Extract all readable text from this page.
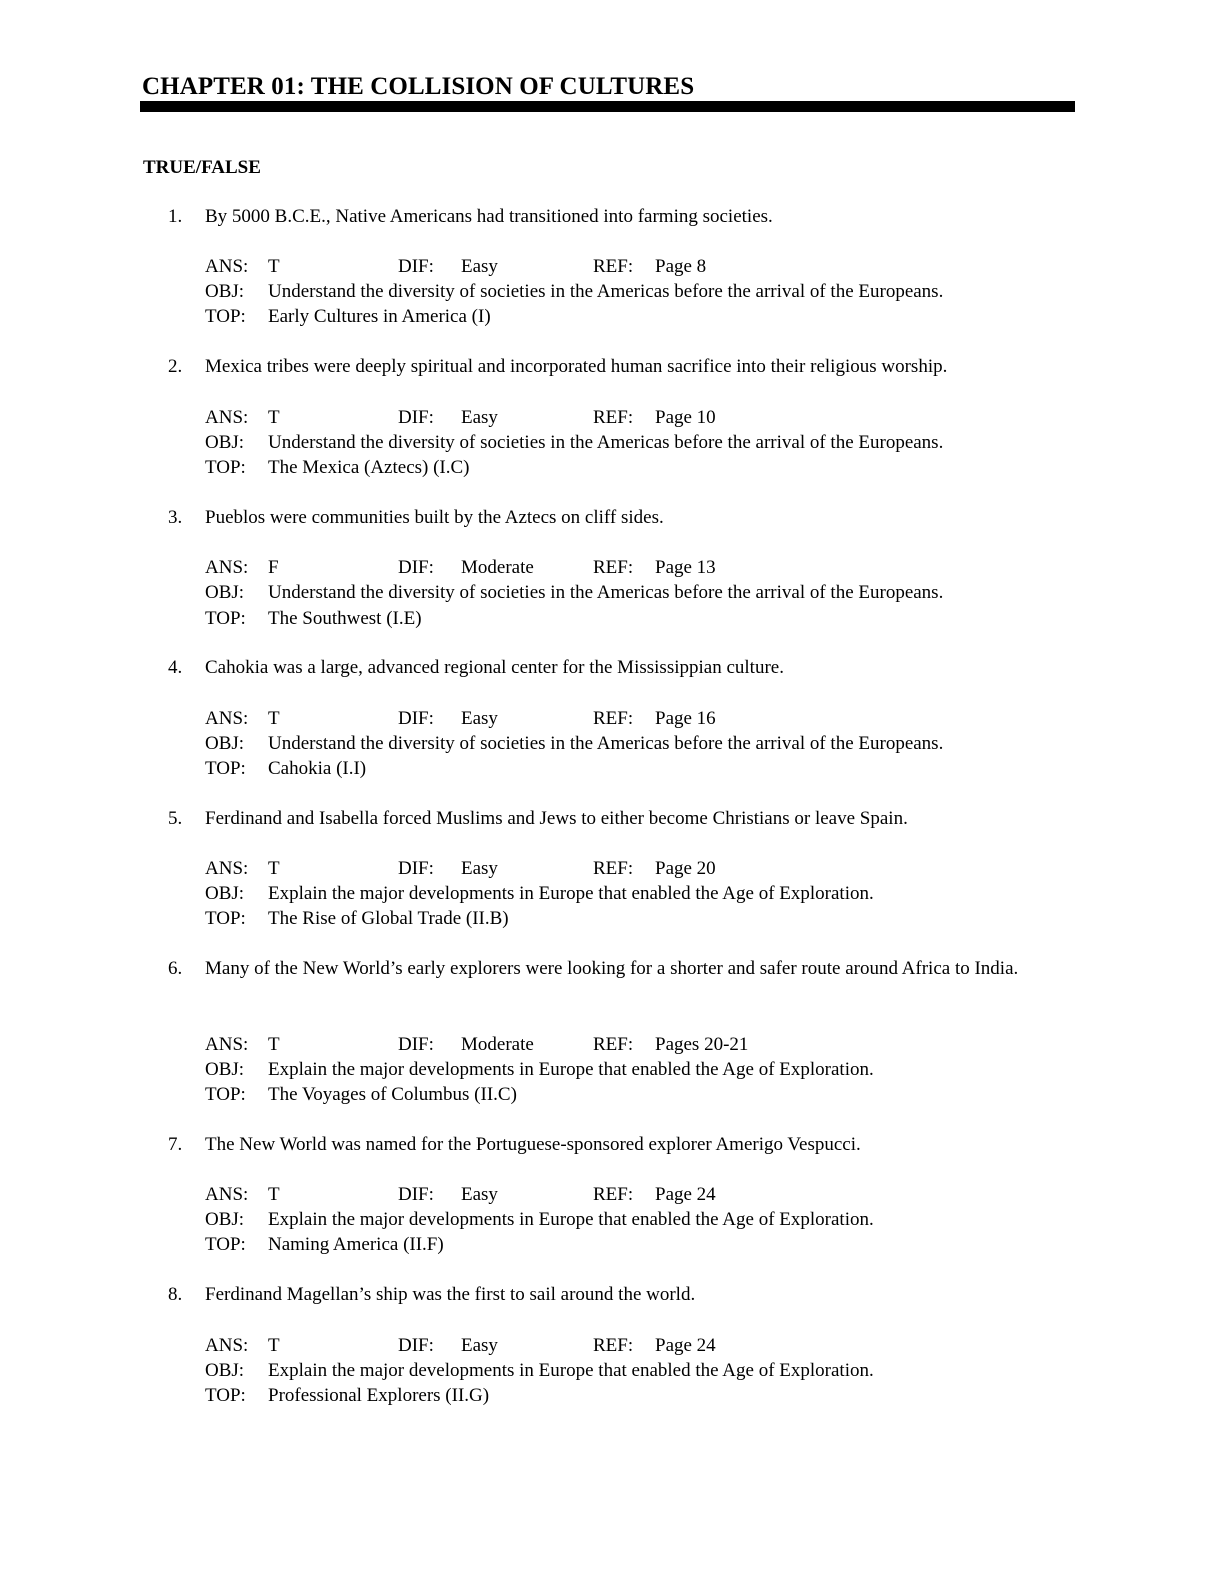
CHAPTER 01: THE COLLISION OF CULTURES
TRUE/FALSE
1.	By 5000 B.C.E., Native Americans had transitioned into farming societies.
ANS: T	DIF: Easy	REF: Page 8
OBJ: Understand the diversity of societies in the Americas before the arrival of the Europeans.
TOP: Early Cultures in America (I)
2.	Mexica tribes were deeply spiritual and incorporated human sacrifice into their religious worship.
ANS: T	DIF: Easy	REF: Page 10
OBJ: Understand the diversity of societies in the Americas before the arrival of the Europeans.
TOP: The Mexica (Aztecs) (I.C)
3.	Pueblos were communities built by the Aztecs on cliff sides.
ANS: F	DIF: Moderate	REF: Page 13
OBJ: Understand the diversity of societies in the Americas before the arrival of the Europeans.
TOP: The Southwest (I.E)
4.	Cahokia was a large, advanced regional center for the Mississippian culture.
ANS: T	DIF: Easy	REF: Page 16
OBJ: Understand the diversity of societies in the Americas before the arrival of the Europeans.
TOP: Cahokia (I.I)
5.	Ferdinand and Isabella forced Muslims and Jews to either become Christians or leave Spain.
ANS: T	DIF: Easy	REF: Page 20
OBJ: Explain the major developments in Europe that enabled the Age of Exploration.
TOP: The Rise of Global Trade (II.B)
6.	Many of the New World’s early explorers were looking for a shorter and safer route around Africa to India.
ANS: T	DIF: Moderate	REF: Pages 20-21
OBJ: Explain the major developments in Europe that enabled the Age of Exploration.
TOP: The Voyages of Columbus (II.C)
7.	The New World was named for the Portuguese-sponsored explorer Amerigo Vespucci.
ANS: T	DIF: Easy	REF: Page 24
OBJ: Explain the major developments in Europe that enabled the Age of Exploration.
TOP: Naming America (II.F)
8.	Ferdinand Magellan’s ship was the first to sail around the world.
ANS: T	DIF: Easy	REF: Page 24
OBJ: Explain the major developments in Europe that enabled the Age of Exploration.
TOP: Professional Explorers (II.G)
